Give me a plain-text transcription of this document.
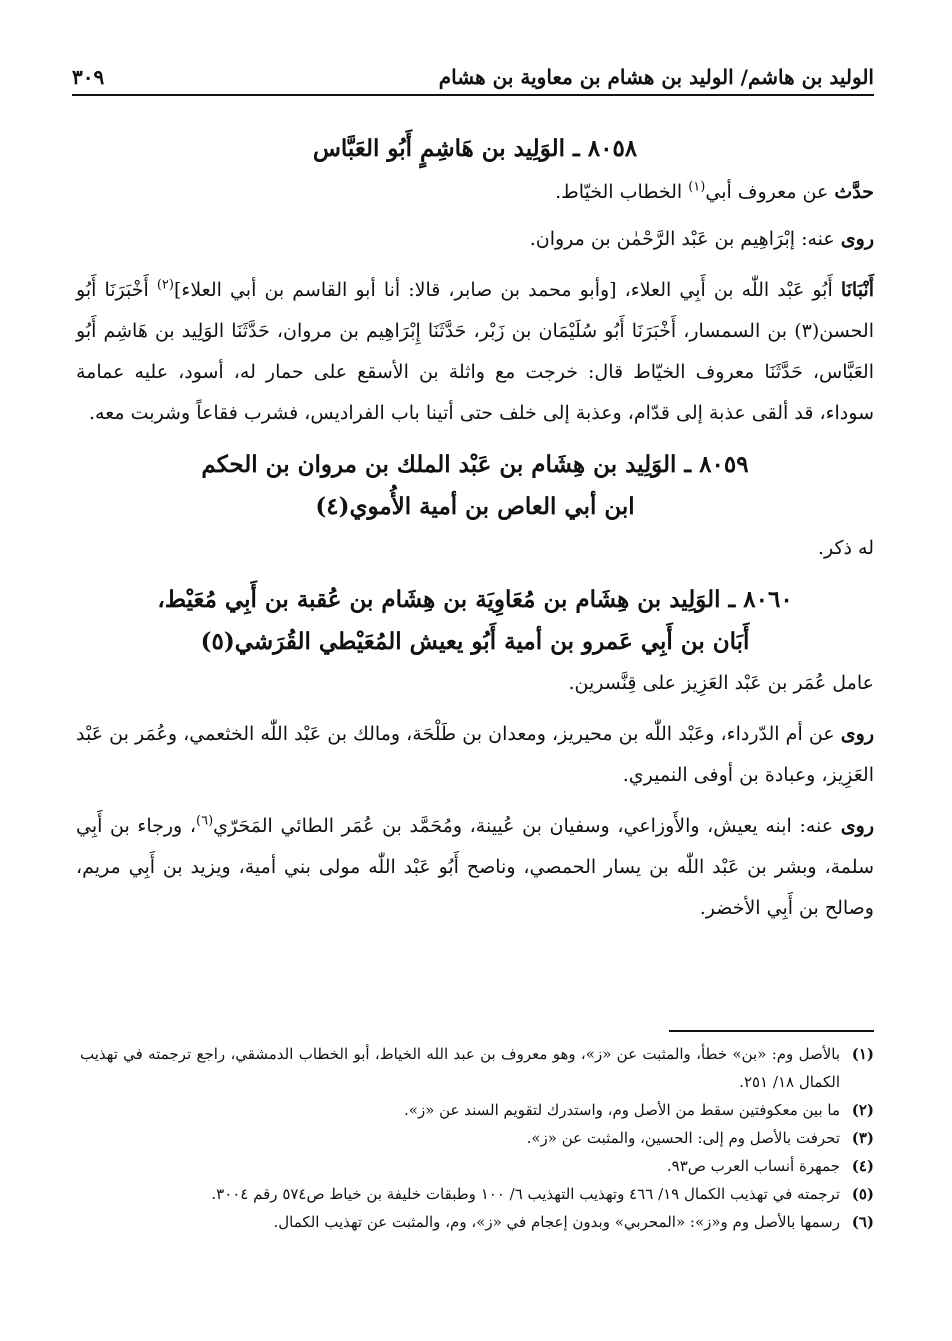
الوليد بن هاشم/ الوليد بن هشام بن معاوية بن هشام
٣٠٩
٨٠٥٨ ـ الوَلِيد بن هَاشِمٍ أَبُو العَبَّاس

حدَّث عن معروف أبي$^{(١)}$ الخطاب الخيّاط.

روى عنه: إبْرَاهِيم بن عَبْد الرَّحْمٰن بن مروان.

أَنْبَانَا أَبُو عَبْد اللّٰه بن أَبِي العلاء، [وأبو محمد بن صابر، قالا: أنا أبو القاسم بن أبي العلاء]$^{(٢)}$ أَخْبَرَنَا أَبُو الحسن(٣) بن السمسار، أَخْبَرَنَا أَبُو سُلَيْمَان بن زَبْر، حَدَّثَنَا إِبْرَاهِيم بن مروان، حَدَّثَنَا الوَلِيد بن هَاشِم أَبُو العَبَّاس، حَدَّثَنَا معروف الخيّاط قال: خرجت مع واثلة بن الأسقع على حمار له، أسود، عليه عمامة سوداء، قد ألقى عذبة إلى قدّام، وعذبة إلى خلف حتى أتينا باب الفراديس، فشرب فقاعاً وشربت معه.

٨٠٥٩ ـ الوَلِيد بن هِشَام بن عَبْد الملك بن مروان بن الحكم
ابن أبي العاص بن أمية الأُموي(٤)

له ذكر.

٨٠٦٠ ـ الوَلِيد بن هِشَام بن مُعَاوِيَة بن هِشَام بن عُقبة بن أَبِي مُعَيْط،
أَبَان بن أَبِي عَمرو بن أمية أَبُو يعيش المُعَيْطي القُرَشي(٥)

عامل عُمَر بن عَبْد العَزِيز على قِنَّسرين.

روى عن أم الدّرداء، وعَبْد اللّٰه بن محيريز، ومعدان بن طَلْحَة، ومالك بن عَبْد اللّٰه الخثعمي، وعُمَر بن عَبْد العَزِيز، وعبادة بن أوفى النميري.

روى عنه: ابنه يعيش، والأَوزاعي، وسفيان بن عُيينة، ومُحَمَّد بن عُمَر الطائي المَحَرّي$^{(٦)}$، ورجاء بن أَبِي سلمة، وبشر بن عَبْد اللّٰه بن يسار الحمصي، وناصح أَبُو عَبْد اللّٰه مولى بني أمية، ويزيد بن أَبِي مريم، وصالح بن أَبِي الأخضر.

(١)
بالأصل وم: «بن» خطأ، والمثبت عن «ز»، وهو معروف بن عبد الله الخياط، أبو الخطاب الدمشقي، راجع ترجمته في تهذيب الكمال ١٨/ ٢٥١.

(٢)
ما بين معكوفتين سقط من الأصل وم، واستدرك لتقويم السند عن «ز».

(٣)
تحرفت بالأصل وم إلى: الحسين، والمثبت عن «ز».

(٤)
جمهرة أنساب العرب ص٩٣.

(٥)
ترجمته في تهذيب الكمال ١٩/ ٤٦٦ وتهذيب التهذيب ٦/ ١٠٠ وطبقات خليفة بن خياط ص٥٧٤ رقم ٣٠٠٤.

(٦)
رسمها بالأصل وم و«ز»: «المحربي» وبدون إعجام في «ز»، وم، والمثبت عن تهذيب الكمال.
